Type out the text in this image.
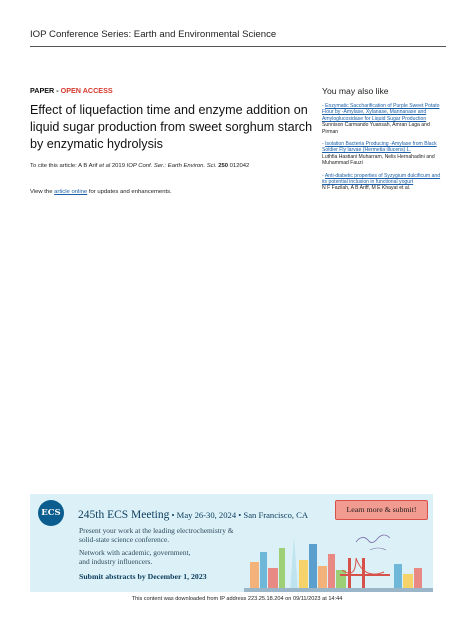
IOP Conference Series: Earth and Environmental Science
PAPER - OPEN ACCESS
Effect of liquefaction time and enzyme addition on liquid sugar production from sweet sorghum starch by enzymatic hydrolysis
To cite this article: A B Arif et al 2019 IOP Conf. Ser.: Earth Environ. Sci. 250 012042
View the article online for updates and enhancements.
You may also like
- Enzymatic Saccharification of Purple Sweet Potato Flour by -Amylase, Xylanase, Mannanase and Amyloglucosidase for Liquid Sugar Production
Sunnison Carmando Yuansah, Amran Laga and Pirman
- Isolation Bacteria Producing -Amylase from Black Soldier Fly larvae (Hermetia illucens) L.
Luthfia Hastiani Muharram, Nelis Hernahadini and Muhammad Fauzi
- Anti-diabetic properties of Syzygium dulcificum and its potential inclusion in functional yogurt
N F Fazilah, A B Ariff, M E Khayat et al.
ECS 245th ECS Meeting • May 26-30, 2024 • San Francisco, CA
Present your work at the leading electrochemistry &
solid-state science conference.
Network with academic, government,
and industry influencers.
Submit abstracts by December 1, 2023
Learn more & submit!
This content was downloaded from IP address 223.25.18.204 on 09/11/2023 at 14:44
